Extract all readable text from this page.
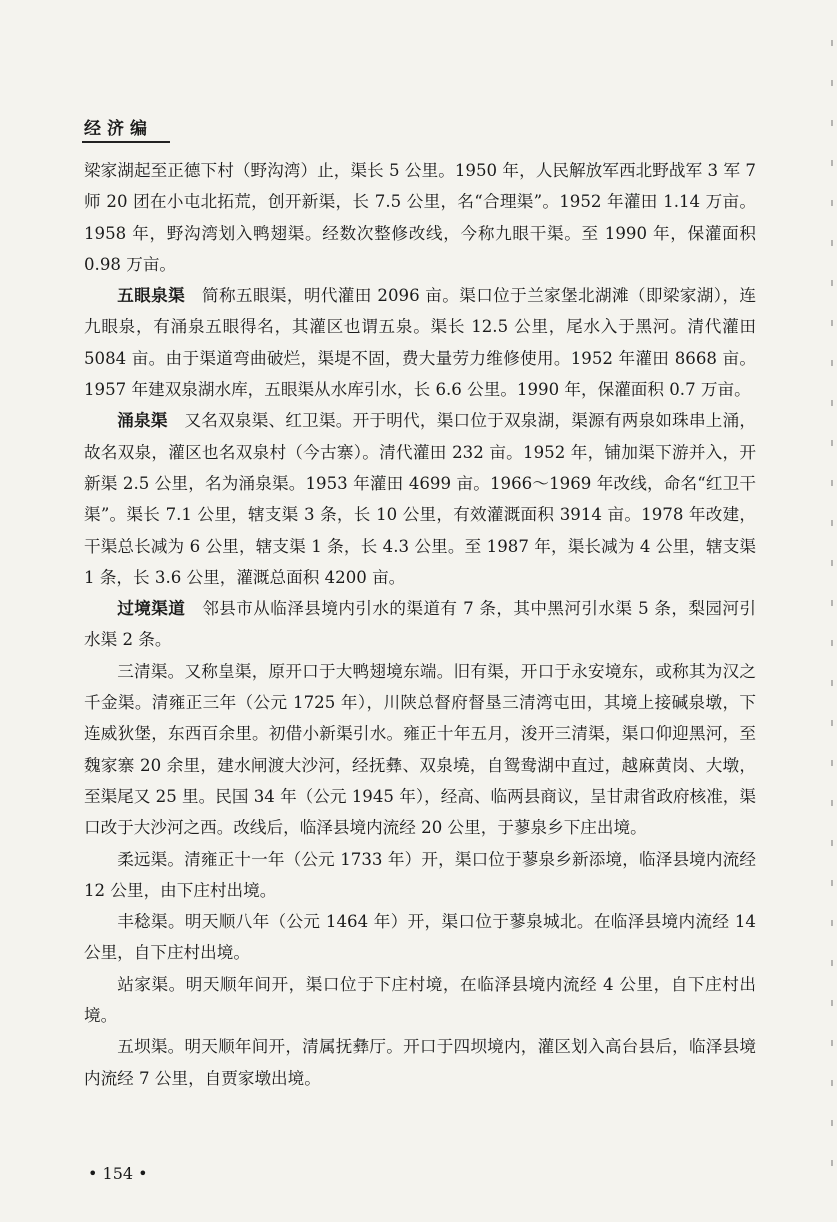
经济编

梁家湖起至正德下村（野沟湾）止，渠长 5 公里。1950 年，人民解放军西北野战军 3 军 7 师 20 团在小屯北拓荒，创开新渠，长 7.5 公里，名“合理渠”。1952 年灌田 1.14 万亩。1958 年，野沟湾划入鸭翅渠。经数次整修改线，今称九眼干渠。至 1990 年，保灌面积 0.98 万亩。

五眼泉渠　简称五眼渠，明代灌田 2096 亩。渠口位于兰家堡北湖滩（即梁家湖），连九眼泉，有涌泉五眼得名，其灌区也谓五泉。渠长 12.5 公里，尾水入于黑河。清代灌田 5084 亩。由于渠道弯曲破烂，渠堤不固，费大量劳力维修使用。1952 年灌田 8668 亩。1957 年建双泉湖水库，五眼渠从水库引水，长 6.6 公里。1990 年，保灌面积 0.7 万亩。

涌泉渠　又名双泉渠、红卫渠。开于明代，渠口位于双泉湖，渠源有两泉如珠串上涌，故名双泉，灌区也名双泉村（今古寨）。清代灌田 232 亩。1952 年，铺加渠下游并入，开新渠 2.5 公里，名为涌泉渠。1953 年灌田 4699 亩。1966～1969 年改线，命名“红卫干渠”。渠长 7.1 公里，辖支渠 3 条，长 10 公里，有效灌溉面积 3914 亩。1978 年改建，干渠总长减为 6 公里，辖支渠 1 条，长 4.3 公里。至 1987 年，渠长减为 4 公里，辖支渠 1 条，长 3.6 公里，灌溉总面积 4200 亩。

过境渠道　邻县市从临泽县境内引水的渠道有 7 条，其中黑河引水渠 5 条，梨园河引水渠 2 条。

三清渠。又称皇渠，原开口于大鸭翅境东端。旧有渠，开口于永安境东，或称其为汉之千金渠。清雍正三年（公元 1725 年），川陕总督府督垦三清湾屯田，其境上接碱泉墩，下连威狄堡，东西百余里。初借小新渠引水。雍正十年五月，浚开三清渠，渠口仰迎黑河，至魏家寨 20 余里，建水闸渡大沙河，经抚彝、双泉墝，自鸳鸯湖中直过，越麻黄岗、大墩，至渠尾又 25 里。民国 34 年（公元 1945 年），经高、临两县商议，呈甘肃省政府核准，渠口改于大沙河之西。改线后，临泽县境内流经 20 公里，于蓼泉乡下庄出境。

柔远渠。清雍正十一年（公元 1733 年）开，渠口位于蓼泉乡新添境，临泽县境内流经 12 公里，由下庄村出境。

丰稔渠。明天顺八年（公元 1464 年）开，渠口位于蓼泉城北。在临泽县境内流经 14 公里，自下庄村出境。

站家渠。明天顺年间开，渠口位于下庄村境，在临泽县境内流经 4 公里，自下庄村出境。

五坝渠。明天顺年间开，清属抚彝厅。开口于四坝境内，灌区划入高台县后，临泽县境内流经 7 公里，自贾家墩出境。

• 154 •
